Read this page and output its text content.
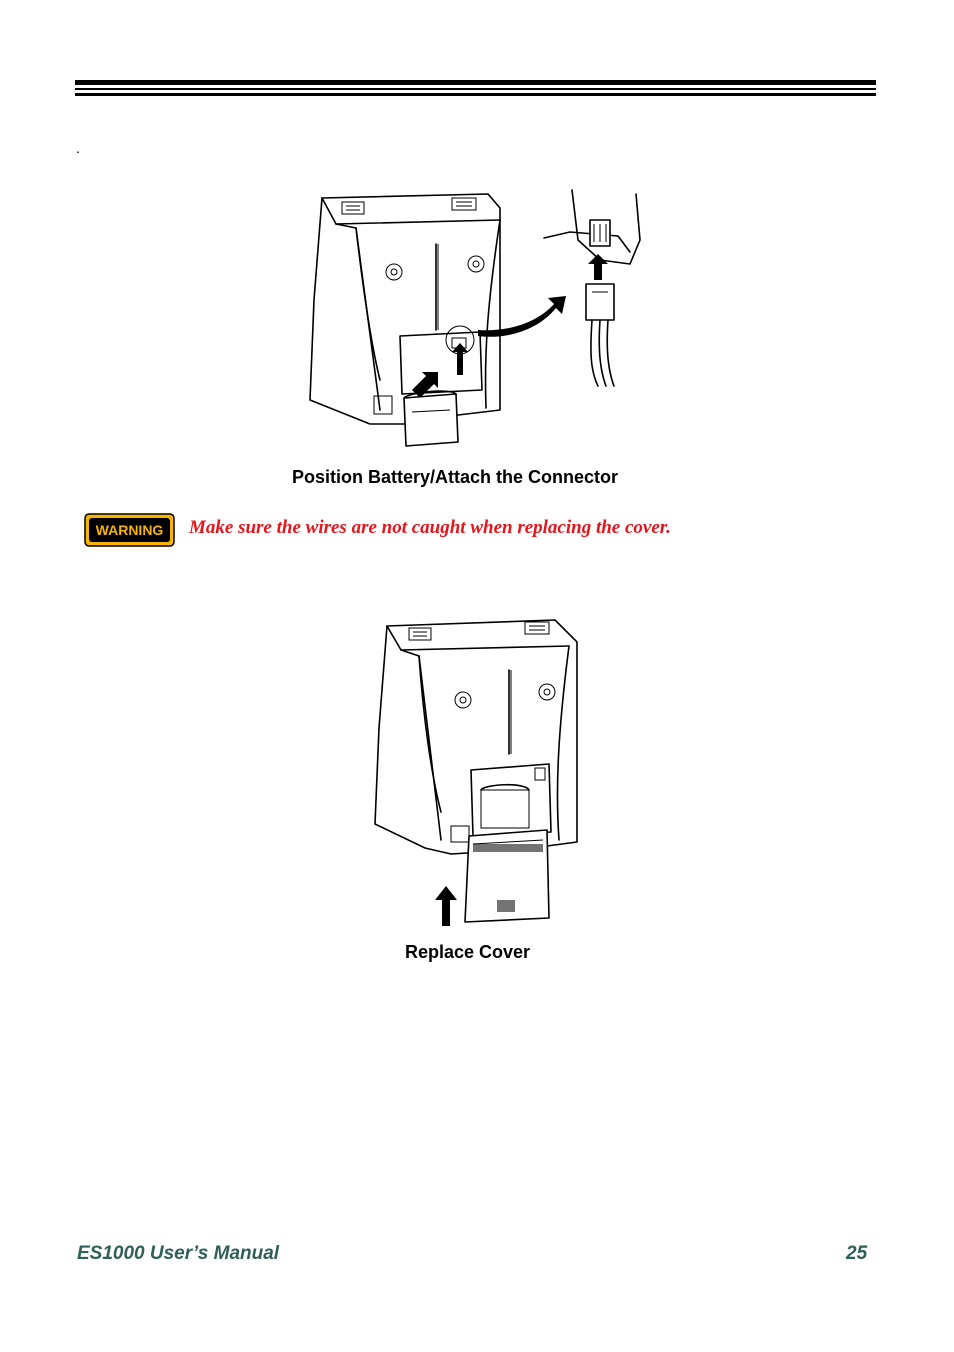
.
Position Battery/Attach the Connector
WARNING Make sure the wires are not caught when replacing the cover.
Replace Cover
ES1000 User’s Manual	25
